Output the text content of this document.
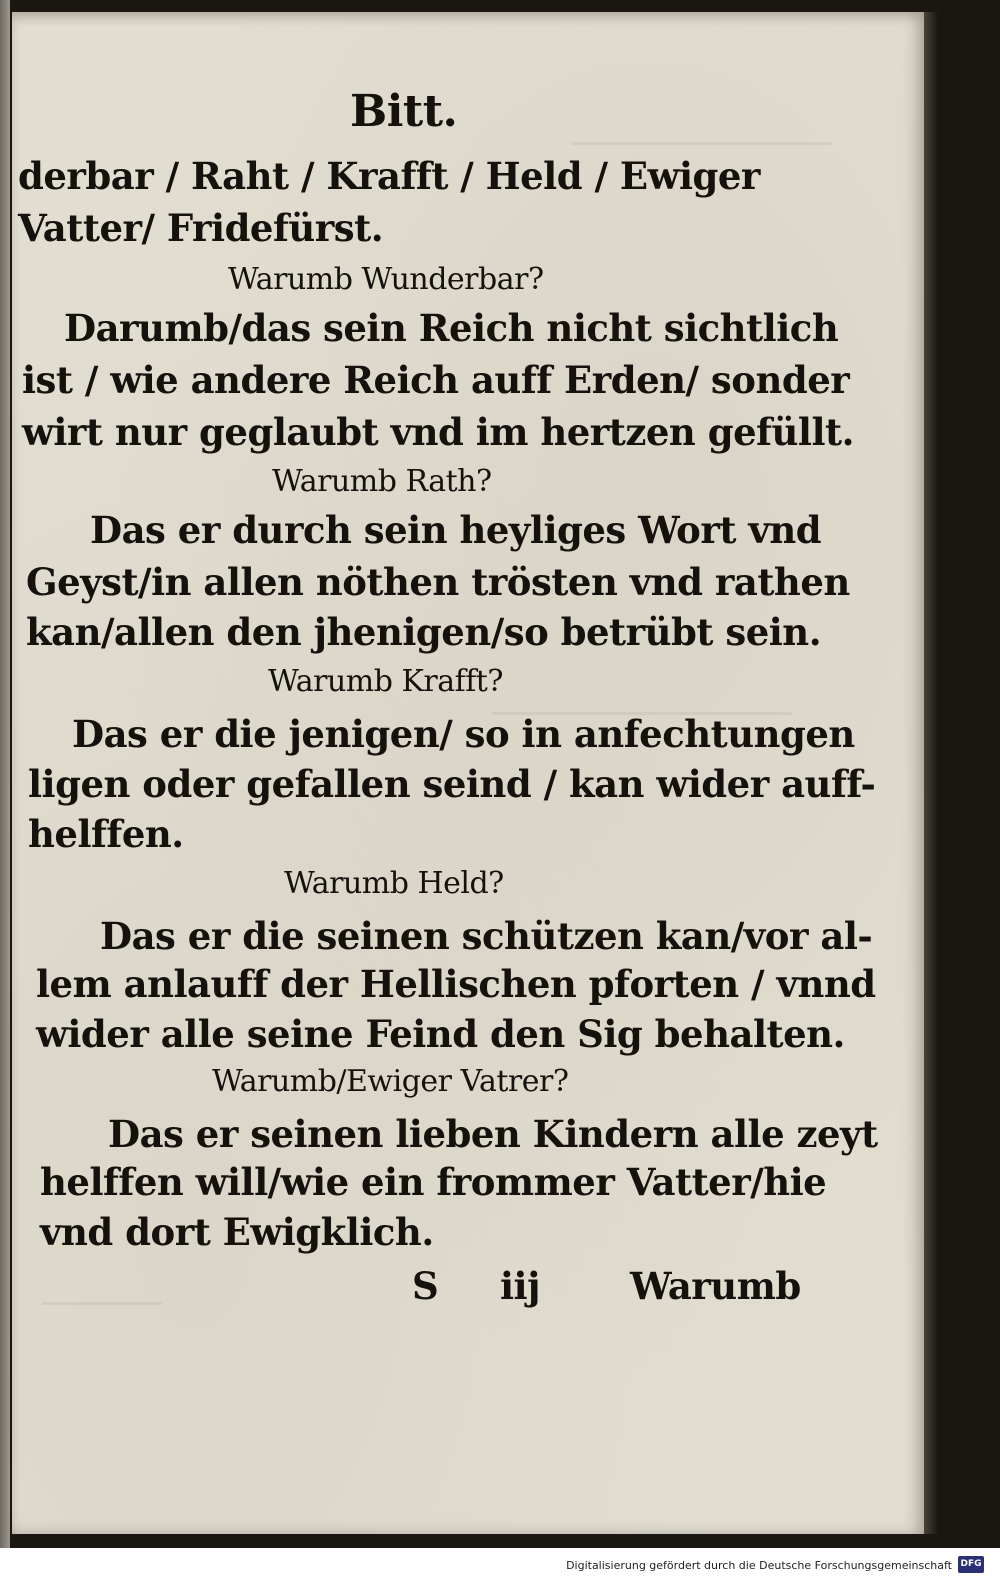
Bitt.
derbar / Raht / Krafft / Held / Ewiger
Vatter/ Fridefürst.
Warumb Wunderbar?
Darumb/das sein Reich nicht sichtlich
ist / wie andere Reich auff Erden/ sonder
wirt nur geglaubt vnd im hertzen gefüllt.
Warumb Rath?
Das er durch sein heyliges Wort vnd
Geyst/in allen nöthen trösten vnd rathen
kan/allen den jhenigen/so betrübt sein.
Warumb Krafft?
Das er die jenigen/ so in anfechtungen
ligen oder gefallen seind / kan wider auff-
helffen.
Warumb Held?
Das er die seinen schützen kan/vor al-
lem anlauff der Hellischen pforten / vnnd
wider alle seine Feind den Sig behalten.
Warumb/Ewiger Vatrer?
Das er seinen lieben Kindern alle zeyt
helffen will/wie ein frommer Vatter/hie
vnd dort Ewigklich.
S iij Warumb
Digitalisierung gefördert durch die Deutsche Forschungsgemeinschaft DFG
